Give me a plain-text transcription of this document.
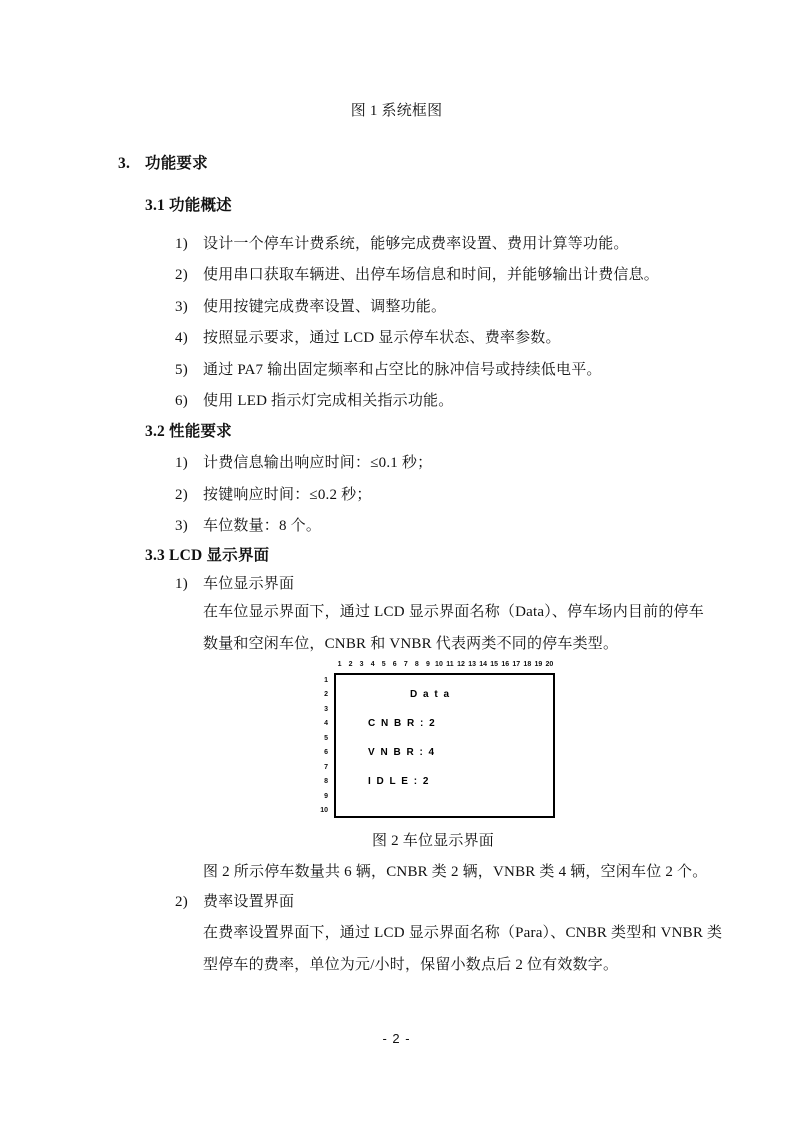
图 1 系统框图
3. 功能要求
3.1 功能概述
1) 设计一个停车计费系统，能够完成费率设置、费用计算等功能。
2) 使用串口获取车辆进、出停车场信息和时间，并能够输出计费信息。
3) 使用按键完成费率设置、调整功能。
4) 按照显示要求，通过 LCD 显示停车状态、费率参数。
5) 通过 PA7 输出固定频率和占空比的脉冲信号或持续低电平。
6) 使用 LED 指示灯完成相关指示功能。
3.2 性能要求
1) 计费信息输出响应时间：≤0.1 秒；
2) 按键响应时间：≤0.2 秒；
3) 车位数量：8 个。
3.3 LCD 显示界面
1) 车位显示界面
在车位显示界面下，通过 LCD 显示界面名称（Data）、停车场内目前的停车
数量和空闲车位，CNBR 和 VNBR 代表两类不同的停车类型。
1	2	3	4	5	6	7	8	9 10 11 12 13 14 15 16 17 18 19 20
1
2
3
4
5
6
7
8
9
10
D a t a
C N B R : 2
V N B R : 4
I D L E : 2
图 2 车位显示界面
图 2 所示停车数量共 6 辆，CNBR 类 2 辆，VNBR 类 4 辆，空闲车位 2 个。
2) 费率设置界面
在费率设置界面下，通过 LCD 显示界面名称（Para）、CNBR 类型和 VNBR 类
型停车的费率，单位为元/小时，保留小数点后 2 位有效数字。
- 2 -
